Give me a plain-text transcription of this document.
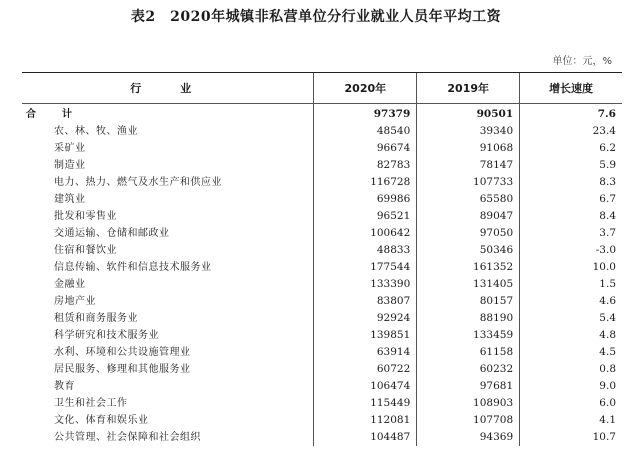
表2　2020年城镇非私营单位分行业就业人员年平均工资
单位：元，%
行　业	2020年	2019年	增长速度
合　计	97379	90501	7.6
农、林、牧、渔业	48540	39340	23.4
采矿业	96674	91068	6.2
制造业	82783	78147	5.9
电力、热力、燃气及水生产和供应业	116728	107733	8.3
建筑业	69986	65580	6.7
批发和零售业	96521	89047	8.4
交通运输、仓储和邮政业	100642	97050	3.7
住宿和餐饮业	48833	50346	-3.0
信息传输、软件和信息技术服务业	177544	161352	10.0
金融业	133390	131405	1.5
房地产业	83807	80157	4.6
租赁和商务服务业	92924	88190	5.4
科学研究和技术服务业	139851	133459	4.8
水利、环境和公共设施管理业	63914	61158	4.5
居民服务、修理和其他服务业	60722	60232	0.8
教育	106474	97681	9.0
卫生和社会工作	115449	108903	6.0
文化、体育和娱乐业	112081	107708	4.1
公共管理、社会保障和社会组织	104487	94369	10.7
